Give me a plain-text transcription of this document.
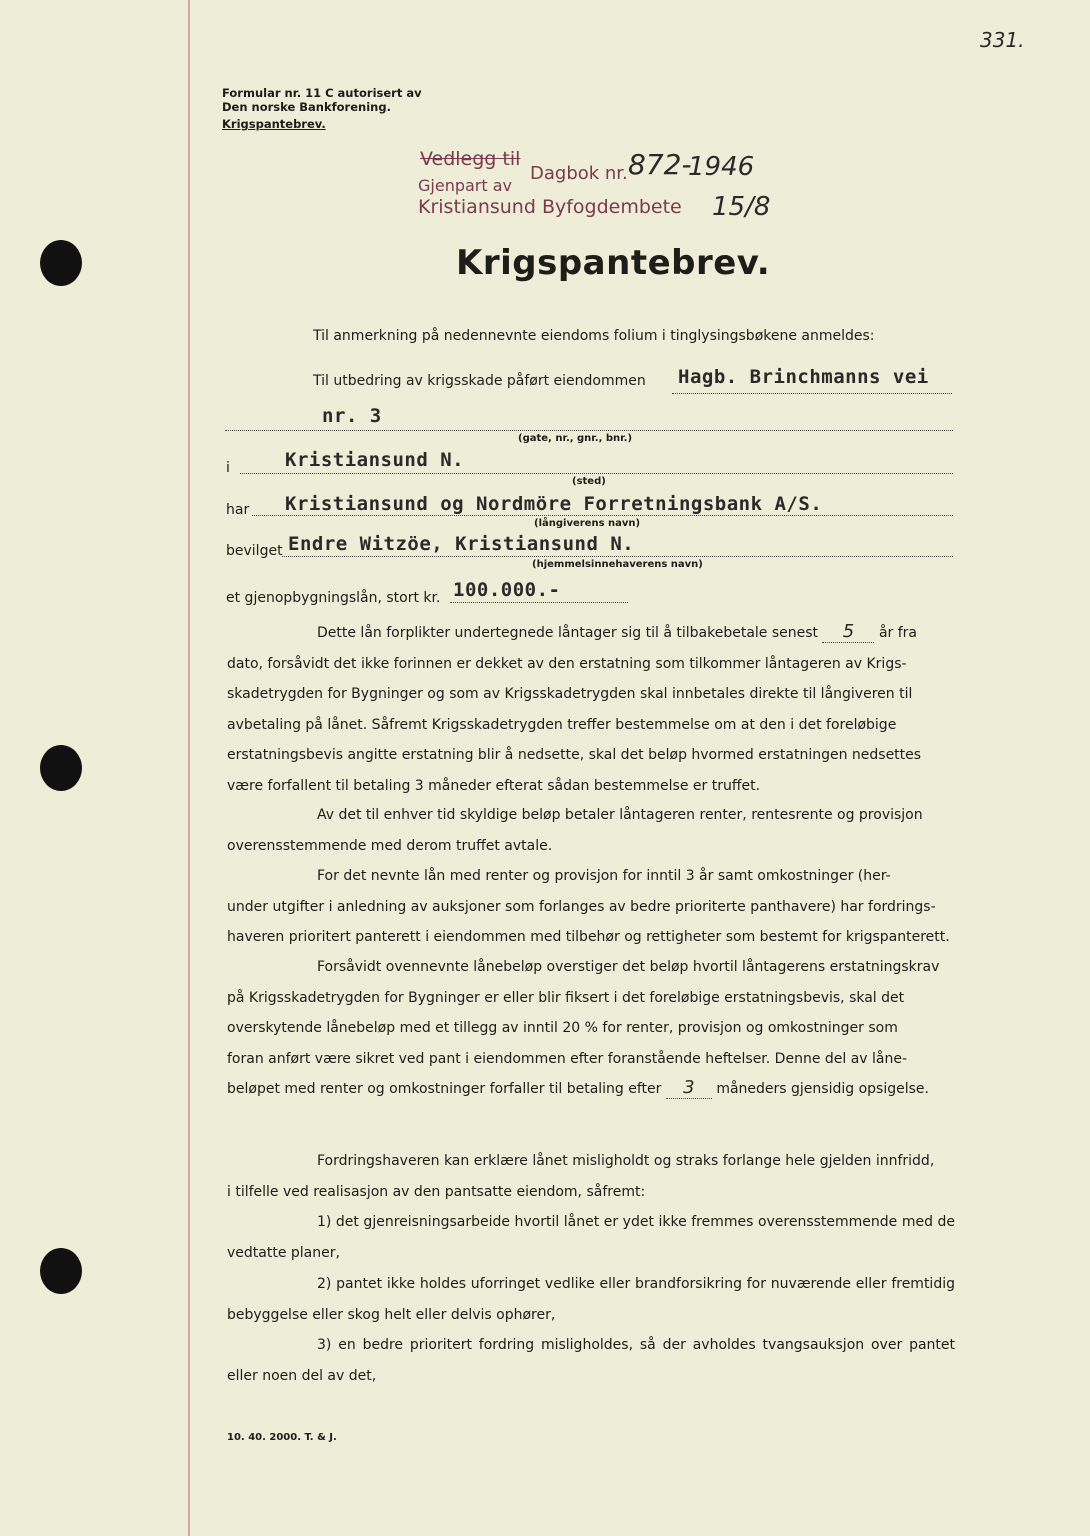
331.
Formular nr. 11 C autorisert av
Den norske Bankforening.
Krigspantebrev.
Vedlegg til
Dagbok nr. 872-
1946
Gjenpart av
Kristiansund Byfogdembete 15/8
Krigspantebrev.
Til anmerkning på nedennevnte eiendoms folium i tinglysingsbøkene anmeldes:
Til utbedring av krigsskade påført eiendommen Hagb. Brinchmanns vei
nr. 3
(gate, nr., gnr., bnr.)
i	Kristiansund N.
(sted)
har Kristiansund og Nordmöre Forretningsbank A/S.
(långiverens navn)
bevilget Endre Witzöe, Kristiansund N.
(hjemmelsinnehaverens navn)
et gjenopbygningslån, stort kr. 100.000.-
Dette lån forplikter undertegnede låntager sig til å tilbakebetale senest 5 år fra
dato, forsåvidt det ikke forinnen er dekket av den erstatning som tilkommer låntageren av Krigs-
skadetrygden for Bygninger og som av Krigsskadetrygden skal innbetales direkte til långiveren til
avbetaling på lånet. Såfremt Krigsskadetrygden treffer bestemmelse om at den i det foreløbige
erstatningsbevis angitte erstatning blir å nedsette, skal det beløp hvormed erstatningen nedsettes
være forfallent til betaling 3 måneder efterat sådan bestemmelse er truffet.
Av det til enhver tid skyldige beløp betaler låntageren renter, rentesrente og provisjon
overensstemmende med derom truffet avtale.
For det nevnte lån med renter og provisjon for inntil 3 år samt omkostninger (her-
under utgifter i anledning av auksjoner som forlanges av bedre prioriterte panthavere) har fordrings-
haveren prioritert panterett i eiendommen med tilbehør og rettigheter som bestemt for krigspanterett.
Forsåvidt ovennevnte lånebeløp overstiger det beløp hvortil låntagerens erstatningskrav
på Krigsskadetrygden for Bygninger er eller blir fiksert i det foreløbige erstatningsbevis, skal det
overskytende lånebeløp med et tillegg av inntil 20 % for renter, provisjon og omkostninger som
foran anført være sikret ved pant i eiendommen efter foranstående heftelser. Denne del av låne-
beløpet med renter og omkostninger forfaller til betaling efter 3 måneders gjensidig opsigelse.
Fordringshaveren kan erklære lånet misligholdt og straks forlange hele gjelden innfridd,
i tilfelle ved realisasjon av den pantsatte eiendom, såfremt:
1) det gjenreisningsarbeide hvortil lånet er ydet ikke fremmes overensstemmende med de vedtatte planer,
2) pantet ikke holdes uforringet vedlike eller brandforsikring for nuværende eller fremtidig bebyggelse eller skog helt eller delvis ophører,
3) en bedre prioritert fordring misligholdes, så der avholdes tvangsauksjon over pantet eller noen del av det,
10. 40. 2000. T. & J.
